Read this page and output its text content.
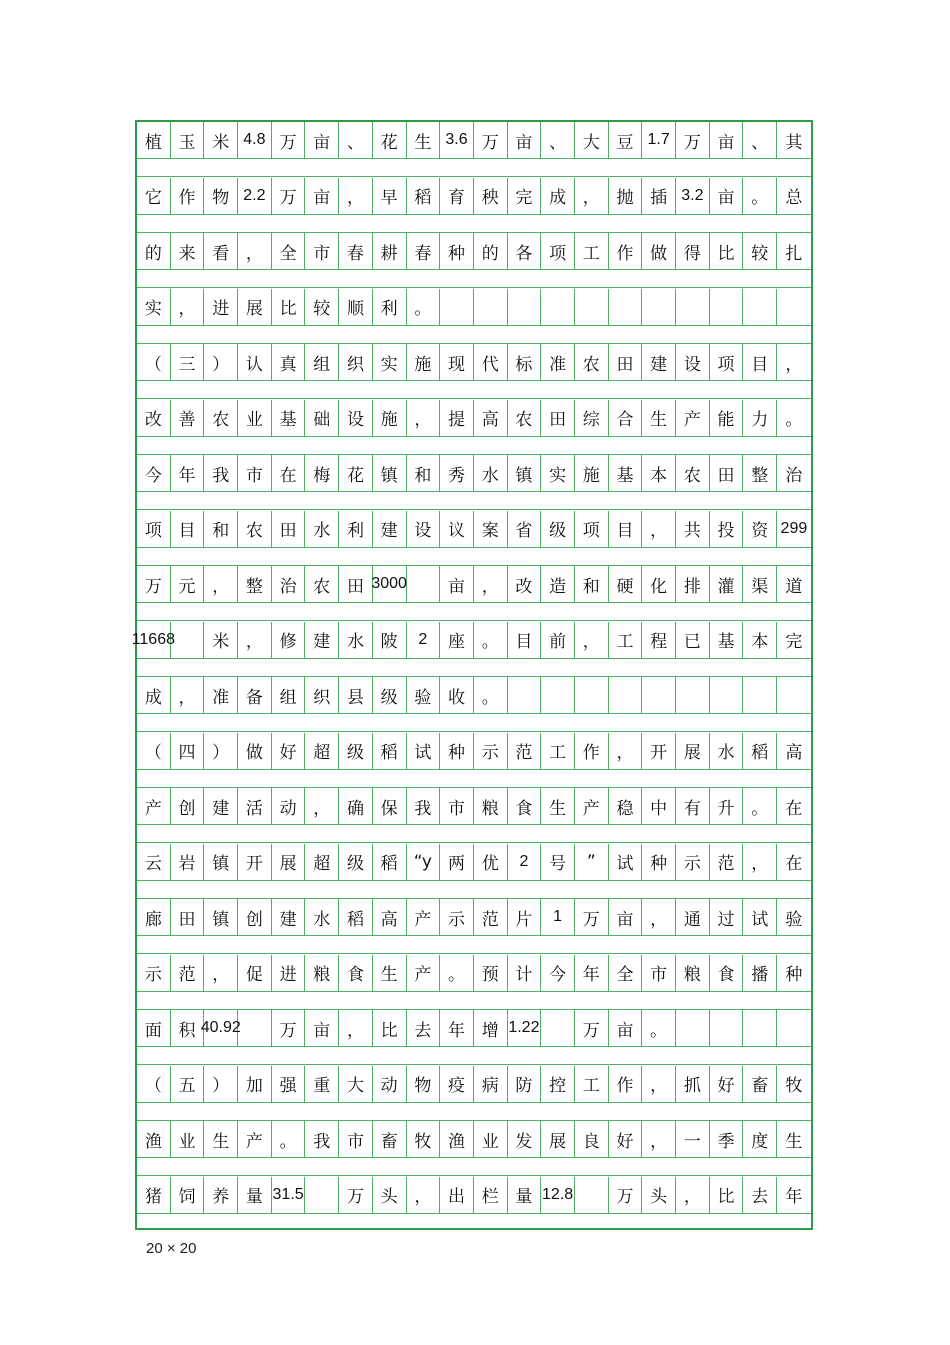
植 玉 米 4.8 万 亩 、 花 生 3.6 万 亩 、 大 豆 1.7 万 亩 、	其
它 作 物 2.2 万 亩 ， 早 稻 育 秧 完 成 ， 抛 插 3.2 亩 。	总
的 来 看 ， 全 市 春 耕 春 种 的 各 项 工 作 做 得 比 较	扎
实 ， 进 展 比 较 顺 利 。
（ 三 ） 认 真 组 织 实 施 现 代 标 准 农 田 建 设 项 目	，
改 善 农 业 基 础 设 施 ， 提 高 农 田 综 合 生 产 能 力	。
今 年 我 市 在 梅 花 镇 和 秀 水 镇 实 施 基 本 农 田 整	治
项 目 和 农 田 水 利 建 设 议 案 省 级 项 目 ， 共 投 资 299
万 元 ， 整 治 农 田 3000	亩 ， 改 造 和 硬 化 排 灌 渠	道
11668	米 ， 修 建 水 陂	2	座 。 目 前 ， 工 程 已 基 本	完
成 ， 准 备 组 织 县 级 验 收 。
（ 四 ） 做 好 超 级 稻 试 种 示 范 工 作 ， 开 展 水 稻	高
产 创 建 活 动 ， 确 保 我 市 粮 食 生 产 稳 中 有 升 。	在
云 岩 镇 开 展 超 级 稻 “y 两 优	2	号	”	试 种 示 范 ，	在
廊 田 镇 创 建 水 稻 高 产 示 范 片	1	万 亩 ， 通 过 试	验
示 范 ， 促 进 粮 食 生 产 。 预 计 今 年 全 市 粮 食 播	种
面 积 40.92	万 亩 ， 比 去 年 增 1.22	万 亩 。
（ 五 ） 加 强 重 大 动 物 疫 病 防 控 工 作 ， 抓 好 畜	牧
渔 业 生 产 。 我 市 畜 牧 渔 业 发 展 良 好 ， 一 季 度	生
猪 饲 养 量 31.5	万 头 ， 出 栏 量 12.8	万 头 ， 比 去	年
20 × 20
